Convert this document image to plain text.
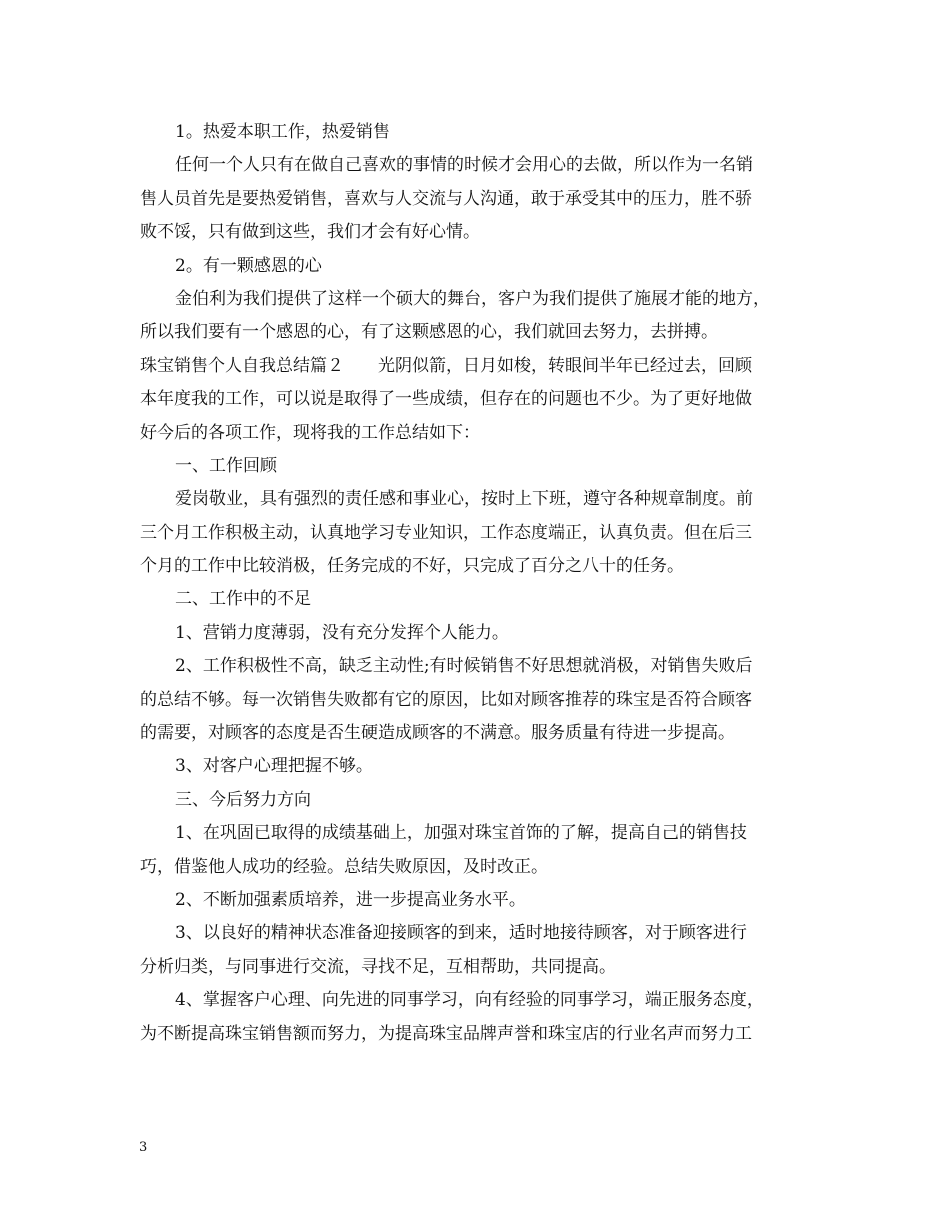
1。热爱本职工作，热爱销售
任何一个人只有在做自己喜欢的事情的时候才会用心的去做，所以作为一名销
售人员首先是要热爱销售，喜欢与人交流与人沟通，敢于承受其中的压力，胜不骄
败不馁，只有做到这些，我们才会有好心情。
2。有一颗感恩的心
金伯利为我们提供了这样一个硕大的舞台，客户为我们提供了施展才能的地方，
所以我们要有一个感恩的心，有了这颗感恩的心，我们就回去努力，去拼搏。
珠宝销售个人自我总结篇２　　光阴似箭，日月如梭，转眼间半年已经过去，回顾
本年度我的工作，可以说是取得了一些成绩，但存在的问题也不少。为了更好地做
好今后的各项工作，现将我的工作总结如下：
一、工作回顾
爱岗敬业，具有强烈的责任感和事业心，按时上下班，遵守各种规章制度。前
三个月工作积极主动，认真地学习专业知识，工作态度端正，认真负责。但在后三
个月的工作中比较消极，任务完成的不好，只完成了百分之八十的任务。
二、工作中的不足
1、营销力度薄弱，没有充分发挥个人能力。
2、工作积极性不高，缺乏主动性;有时候销售不好思想就消极，对销售失败后
的总结不够。每一次销售失败都有它的原因，比如对顾客推荐的珠宝是否符合顾客
的需要，对顾客的态度是否生硬造成顾客的不满意。服务质量有待进一步提高。
3、对客户心理把握不够。
三、今后努力方向
1、在巩固已取得的成绩基础上，加强对珠宝首饰的了解，提高自己的销售技
巧，借鉴他人成功的经验。总结失败原因，及时改正。
2、不断加强素质培养，进一步提高业务水平。
3、以良好的精神状态准备迎接顾客的到来，适时地接待顾客，对于顾客进行
分析归类，与同事进行交流，寻找不足，互相帮助，共同提高。
4、掌握客户心理、向先进的同事学习，向有经验的同事学习，端正服务态度，
为不断提高珠宝销售额而努力，为提高珠宝品牌声誉和珠宝店的行业名声而努力工
3
